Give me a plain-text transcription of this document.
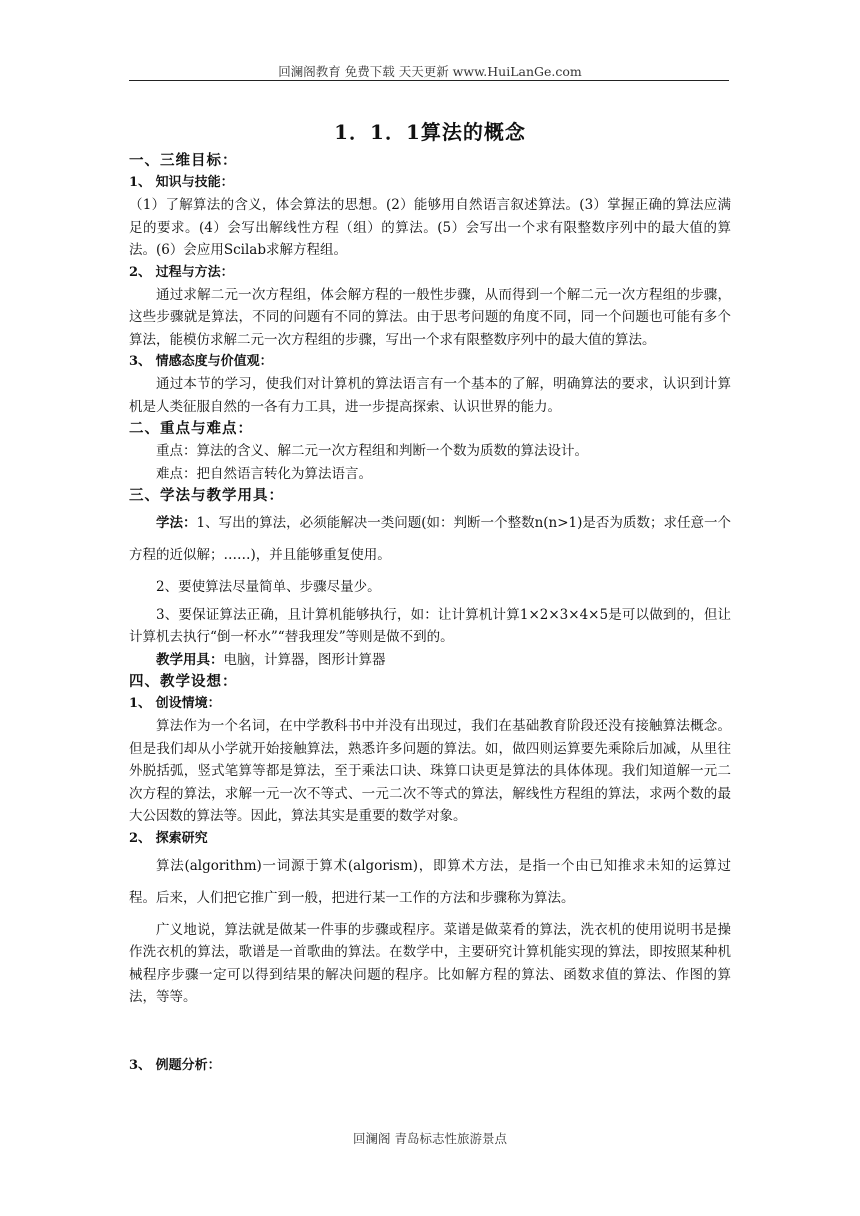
回澜阁教育 免费下载 天天更新 www.HuiLanGe.com
1．1．1算法的概念
一、三维目标：
1、 知识与技能：

（1）了解算法的含义，体会算法的思想。(2）能够用自然语言叙述算法。(3）掌握正确的算法应满足的要求。(4）会写出解线性方程（组）的算法。(5）会写出一个求有限整数序列中的最大值的算法。(6）会应用Scilab求解方程组。

2、 过程与方法：

通过求解二元一次方程组，体会解方程的一般性步骤，从而得到一个解二元一次方程组的步骤，这些步骤就是算法，不同的问题有不同的算法。由于思考问题的角度不同，同一个问题也可能有多个算法，能模仿求解二元一次方程组的步骤，写出一个求有限整数序列中的最大值的算法。

3、 情感态度与价值观：

通过本节的学习，使我们对计算机的算法语言有一个基本的了解，明确算法的要求，认识到计算机是人类征服自然的一各有力工具，进一步提高探索、认识世界的能力。

二、重点与难点：

重点：算法的含义、解二元一次方程组和判断一个数为质数的算法设计。

难点：把自然语言转化为算法语言。

三、学法与教学用具：

学法：1、写出的算法，必须能解决一类问题(如：判断一个整数n(n>1)是否为质数；求任意一个方程的近似解；……)，并且能够重复使用。

2、要使算法尽量简单、步骤尽量少。

3、要保证算法正确，且计算机能够执行，如：让计算机计算1×2×3×4×5是可以做到的，但让计算机去执行“倒一杯水”“替我理发”等则是做不到的。

教学用具：电脑，计算器，图形计算器

四、教学设想：
1、 创设情境：

算法作为一个名词，在中学教科书中并没有出现过，我们在基础教育阶段还没有接触算法概念。但是我们却从小学就开始接触算法，熟悉许多问题的算法。如，做四则运算要先乘除后加减，从里往外脱括弧，竖式笔算等都是算法，至于乘法口诀、珠算口诀更是算法的具体体现。我们知道解一元二次方程的算法，求解一元一次不等式、一元二次不等式的算法，解线性方程组的算法，求两个数的最大公因数的算法等。因此，算法其实是重要的数学对象。

2、 探索研究

算法(algorithm)一词源于算术(algorism)，即算术方法，是指一个由已知推求未知的运算过程。后来，人们把它推广到一般，把进行某一工作的方法和步骤称为算法。

广义地说，算法就是做某一件事的步骤或程序。菜谱是做菜肴的算法，洗衣机的使用说明书是操作洗衣机的算法，歌谱是一首歌曲的算法。在数学中，主要研究计算机能实现的算法，即按照某种机械程序步骤一定可以得到结果的解决问题的程序。比如解方程的算法、函数求值的算法、作图的算法，等等。

3、 例题分析：
回澜阁 青岛标志性旅游景点
